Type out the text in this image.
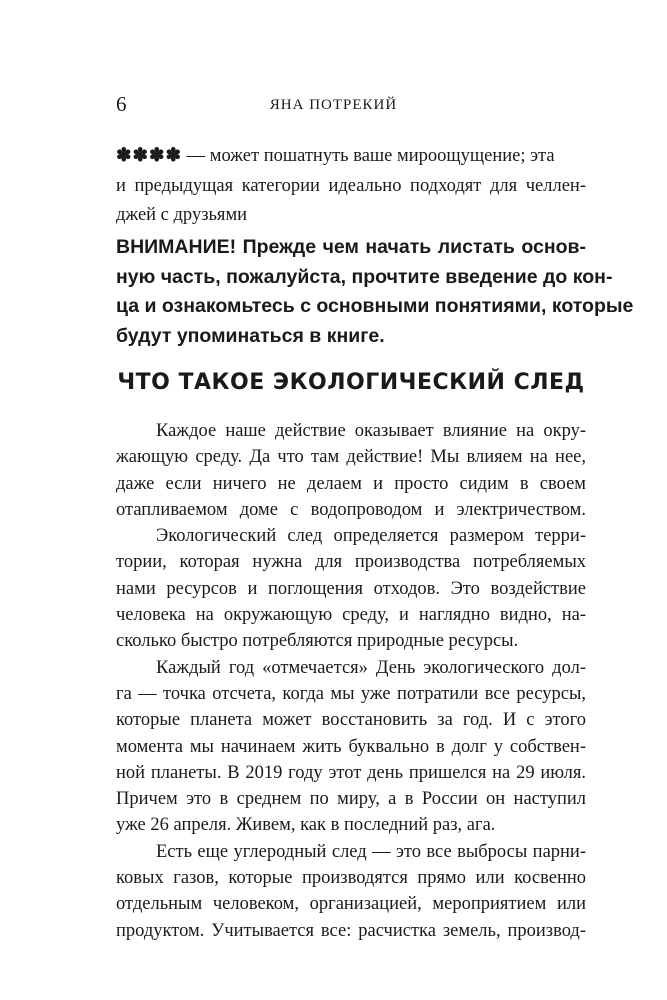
6	ЯНА ПОТРЕКИЙ

✽✽✽✽ — может пошатнуть ваше мироощущение; эта
и предыдущая категории идеально подходят для челлен-
джей с друзьями

ВНИМАНИЕ! Прежде чем начать листать основ-
ную часть, пожалуйста, прочтите введение до кон-
ца и ознакомьтесь с основными понятиями, которые
будут упоминаться в книге.

ЧТО ТАКОЕ ЭКОЛОГИЧЕСКИЙ СЛЕД

Каждое наше действие оказывает влияние на окру-
жающую среду. Да что там действие! Мы влияем на нее,
даже если ничего не делаем и просто сидим в своем
отапливаемом доме с водопроводом и электричеством.

Экологический след определяется размером терри-
тории, которая нужна для производства потребляемых
нами ресурсов и поглощения отходов. Это воздействие
человека на окружающую среду, и наглядно видно, на-
сколько быстро потребляются природные ресурсы.

Каждый год «отмечается» День экологического дол-
га — точка отсчета, когда мы уже потратили все ресурсы,
которые планета может восстановить за год. И с этого
момента мы начинаем жить буквально в долг у собствен-
ной планеты. В 2019 году этот день пришелся на 29 июля.
Причем это в среднем по миру, а в России он наступил
уже 26 апреля. Живем, как в последний раз, ага.

Есть еще углеродный след — это все выбросы парни-
ковых газов, которые производятся прямо или косвенно
отдельным человеком, организацией, мероприятием или
продуктом. Учитывается все: расчистка земель, производ-
